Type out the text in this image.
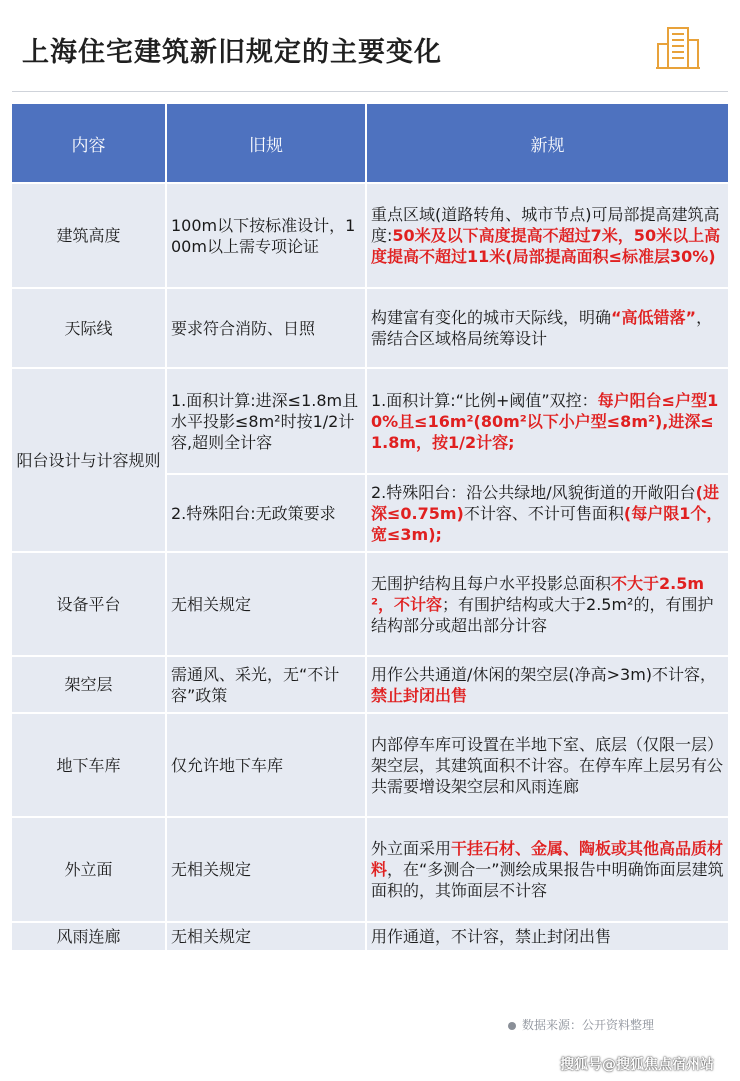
上海住宅建筑新旧规定的主要变化
内容	旧规	新规
建筑高度	100m以下按标准设计，100m以上需专项论证	重点区域(道路转角、城市节点)可局部提高建筑高度:50米及以下高度提高不超过7米，50米以上高度提高不超过11米(局部提高面积≤标准层30%)
天际线	要求符合消防、日照	构建富有变化的城市天际线，明确“高低错落”，需结合区域格局统筹设计
阳台设计与计容规则	1.面积计算:进深≤1.8m且水平投影≤8m²时按1/2计容,超则全计容	1.面积计算:“比例+阈值”双控：每户阳台≤户型10%且≤16m²(80m²以下小户型≤8m²),进深≤1.8m，按1/2计容;
	2.特殊阳台:无政策要求	2.特殊阳台：沿公共绿地/风貌街道的开敞阳台(进深≤0.75m)不计容、不计可售面积(每户限1个，宽≤3m);
设备平台	无相关规定	无围护结构且每户水平投影总面积不大于2.5m²，不计容；有围护结构或大于2.5m²的，有围护结构部分或超出部分计容
架空层	需通风、采光，无“不计容”政策	用作公共通道/休闲的架空层(净高>3m)不计容，禁止封闭出售
地下车库	仅允许地下车库	内部停车库可设置在半地下室、底层（仅限一层）架空层，其建筑面积不计容。在停车库上层另有公共需要增设架空层和风雨连廊
外立面	无相关规定	外立面采用干挂石材、金属、陶板或其他高品质材料，在“多测合一”测绘成果报告中明确饰面层建筑面积的，其饰面层不计容
风雨连廊	无相关规定	用作通道，不计容，禁止封闭出售
数据来源：公开资料整理
搜狐号@搜狐焦点宿州站
